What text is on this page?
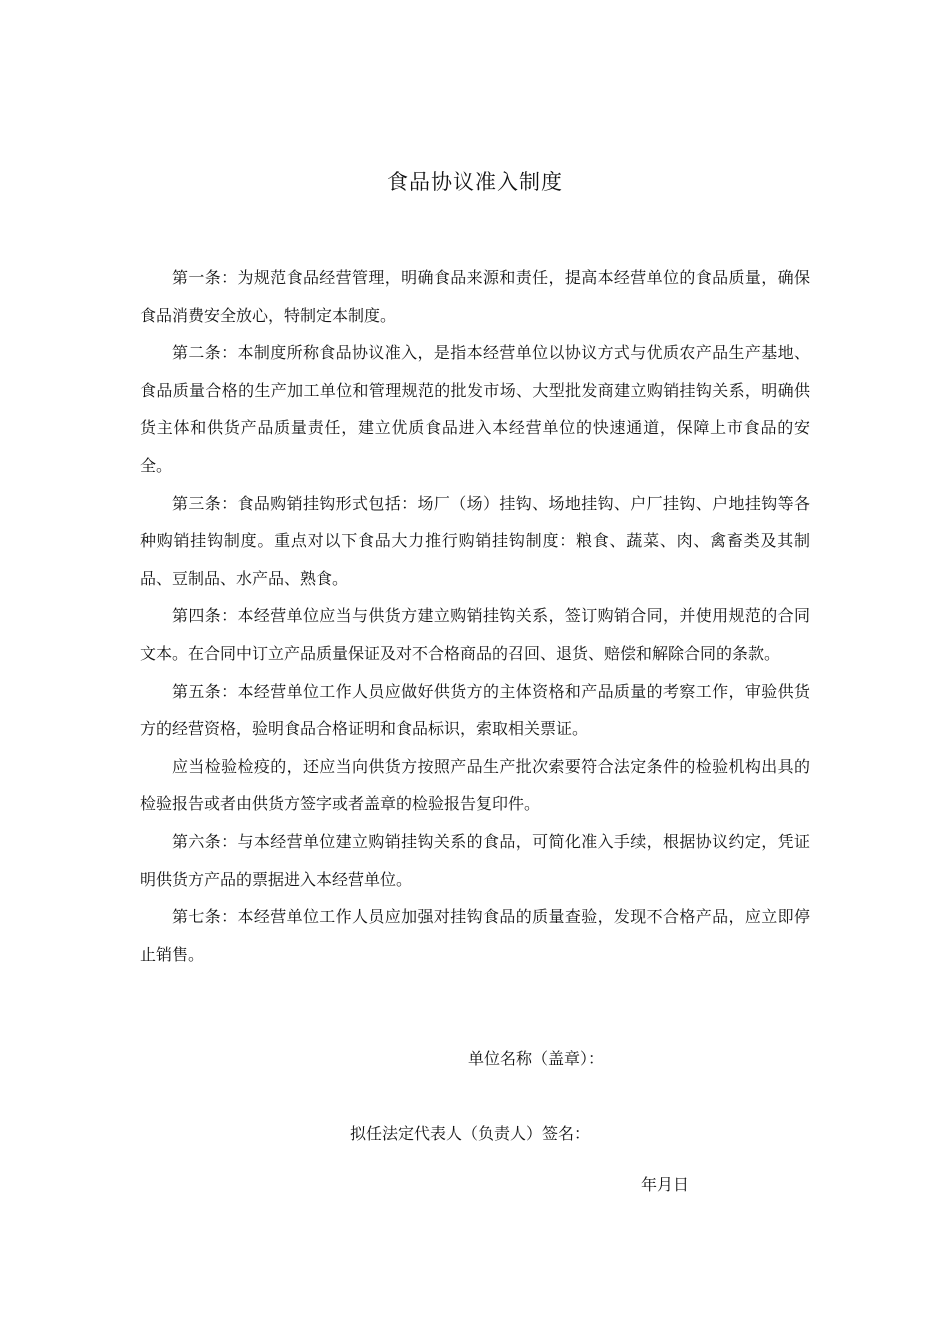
食品协议准入制度

第一条：为规范食品经营管理，明确食品来源和责任，提高本经营单位的食品质量，确保食品消费安全放心，特制定本制度。

第二条：本制度所称食品协议准入，是指本经营单位以协议方式与优质农产品生产基地、食品质量合格的生产加工单位和管理规范的批发市场、大型批发商建立购销挂钩关系，明确供货主体和供货产品质量责任，建立优质食品进入本经营单位的快速通道，保障上市食品的安全。

第三条：食品购销挂钩形式包括：场厂（场）挂钩、场地挂钩、户厂挂钩、户地挂钩等各种购销挂钩制度。重点对以下食品大力推行购销挂钩制度：粮食、蔬菜、肉、禽畜类及其制品、豆制品、水产品、熟食。

第四条：本经营单位应当与供货方建立购销挂钩关系，签订购销合同，并使用规范的合同文本。在合同中订立产品质量保证及对不合格商品的召回、退货、赔偿和解除合同的条款。

第五条：本经营单位工作人员应做好供货方的主体资格和产品质量的考察工作，审验供货方的经营资格，验明食品合格证明和食品标识，索取相关票证。

应当检验检疫的，还应当向供货方按照产品生产批次索要符合法定条件的检验机构出具的检验报告或者由供货方签字或者盖章的检验报告复印件。

第六条：与本经营单位建立购销挂钩关系的食品，可简化准入手续，根据协议约定，凭证明供货方产品的票据进入本经营单位。

第七条：本经营单位工作人员应加强对挂钩食品的质量查验，发现不合格产品，应立即停止销售。

单位名称（盖章）：
拟任法定代表人（负责人）签名：
年月日
